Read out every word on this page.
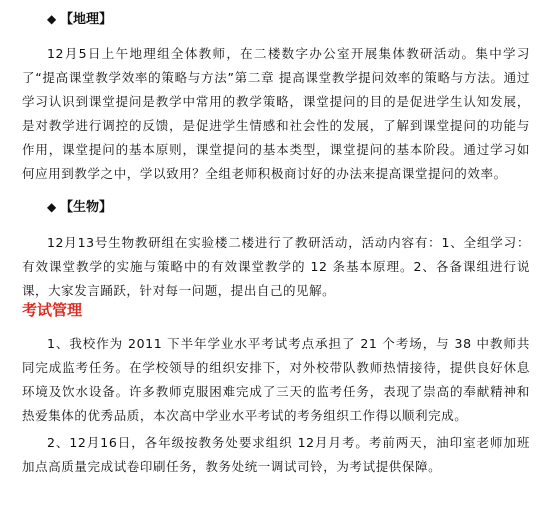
◆ 【地理】

12月5日上午地理组全体教师，在二楼数字办公室开展集体教研活动。集中学习了“提高课堂教学效率的策略与方法”第二章 提高课堂教学提问效率的策略与方法。通过学习认识到课堂提问是教学中常用的教学策略，课堂提问的目的是促进学生认知发展，是对教学进行调控的反馈，是促进学生情感和社会性的发展，了解到课堂提问的功能与作用，课堂提问的基本原则，课堂提问的基本类型，课堂提问的基本阶段。通过学习如何应用到教学之中，学以致用？全组老师积极商讨好的办法来提高课堂提问的效率。

◆ 【生物】

12月13号生物教研组在实验楼二楼进行了教研活动，活动内容有：1、全组学习：有效课堂教学的实施与策略中的有效课堂教学的 12 条基本原理。2、各备课组进行说课，大家发言踊跃，针对每一问题，提出自己的见解。

考试管理

1、我校作为 2011 下半年学业水平考试考点承担了 21 个考场，与 38 中教师共同完成监考任务。在学校领导的组织安排下，对外校带队教师热情接待，提供良好休息环境及饮水设备。许多教师克服困难完成了三天的监考任务，表现了崇高的奉献精神和热爱集体的优秀品质，本次高中学业水平考试的考务组织工作得以顺利完成。

2、12月16日，各年级按教务处要求组织 12月月考。考前两天，油印室老师加班加点高质量完成试卷印刷任务，教务处统一调试司铃，为考试提供保障。
